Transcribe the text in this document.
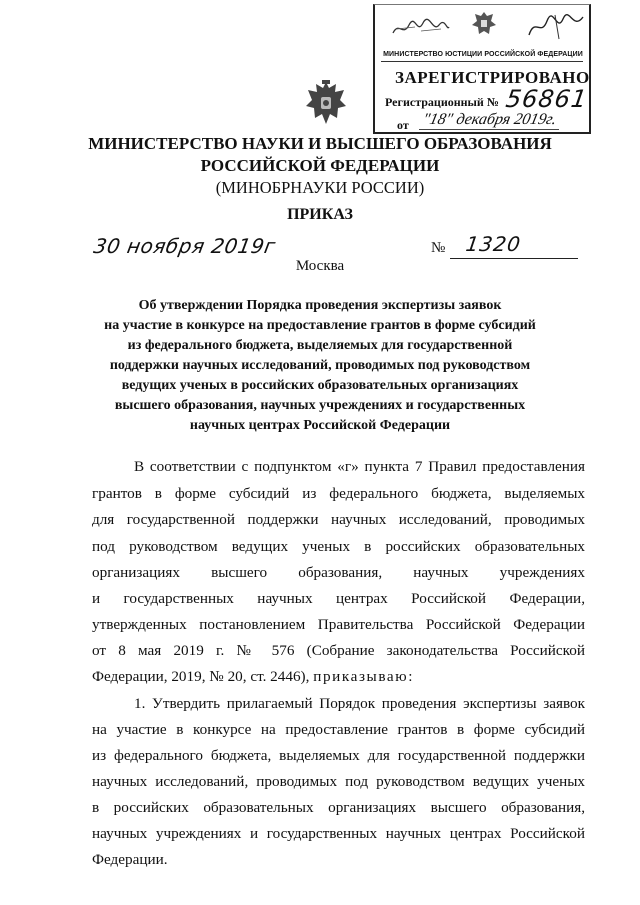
МИНИСТЕРСТВО ЮСТИЦИИ РОССИЙСКОЙ ФЕДЕРАЦИИ
ЗАРЕГИСТРИРОВАНО
Регистрационный № 56861
от "18" декабря 2019г.
МИНИСТЕРСТВО НАУКИ И ВЫСШЕГО ОБРАЗОВАНИЯ
РОССИЙСКОЙ ФЕДЕРАЦИИ
(МИНОБРНАУКИ РОССИИ)
ПРИКАЗ
30 ноября 2019г	№ 1320
Москва
Об утверждении Порядка проведения экспертизы заявок
на участие в конкурсе на предоставление грантов в форме субсидий
из федерального бюджета, выделяемых для государственной
поддержки научных исследований, проводимых под руководством
ведущих ученых в российских образовательных организациях
высшего образования, научных учреждениях и государственных
научных центрах Российской Федерации
В соответствии с подпунктом «г» пункта 7 Правил предоставления
грантов в форме субсидий из федерального бюджета, выделяемых
для государственной поддержки научных исследований, проводимых
под руководством ведущих ученых в российских образовательных
организациях высшего образования, научных учреждениях
и государственных научных центрах Российской Федерации,
утвержденных постановлением Правительства Российской Федерации
от 8 мая 2019 г. № 576 (Собрание законодательства Российской
Федерации, 2019, № 20, ст. 2446), приказываю:
1. Утвердить прилагаемый Порядок проведения экспертизы заявок
на участие в конкурсе на предоставление грантов в форме субсидий
из федерального бюджета, выделяемых для государственной поддержки
научных исследований, проводимых под руководством ведущих ученых
в российских образовательных организациях высшего образования,
научных учреждениях и государственных научных центрах Российской
Федерации.
